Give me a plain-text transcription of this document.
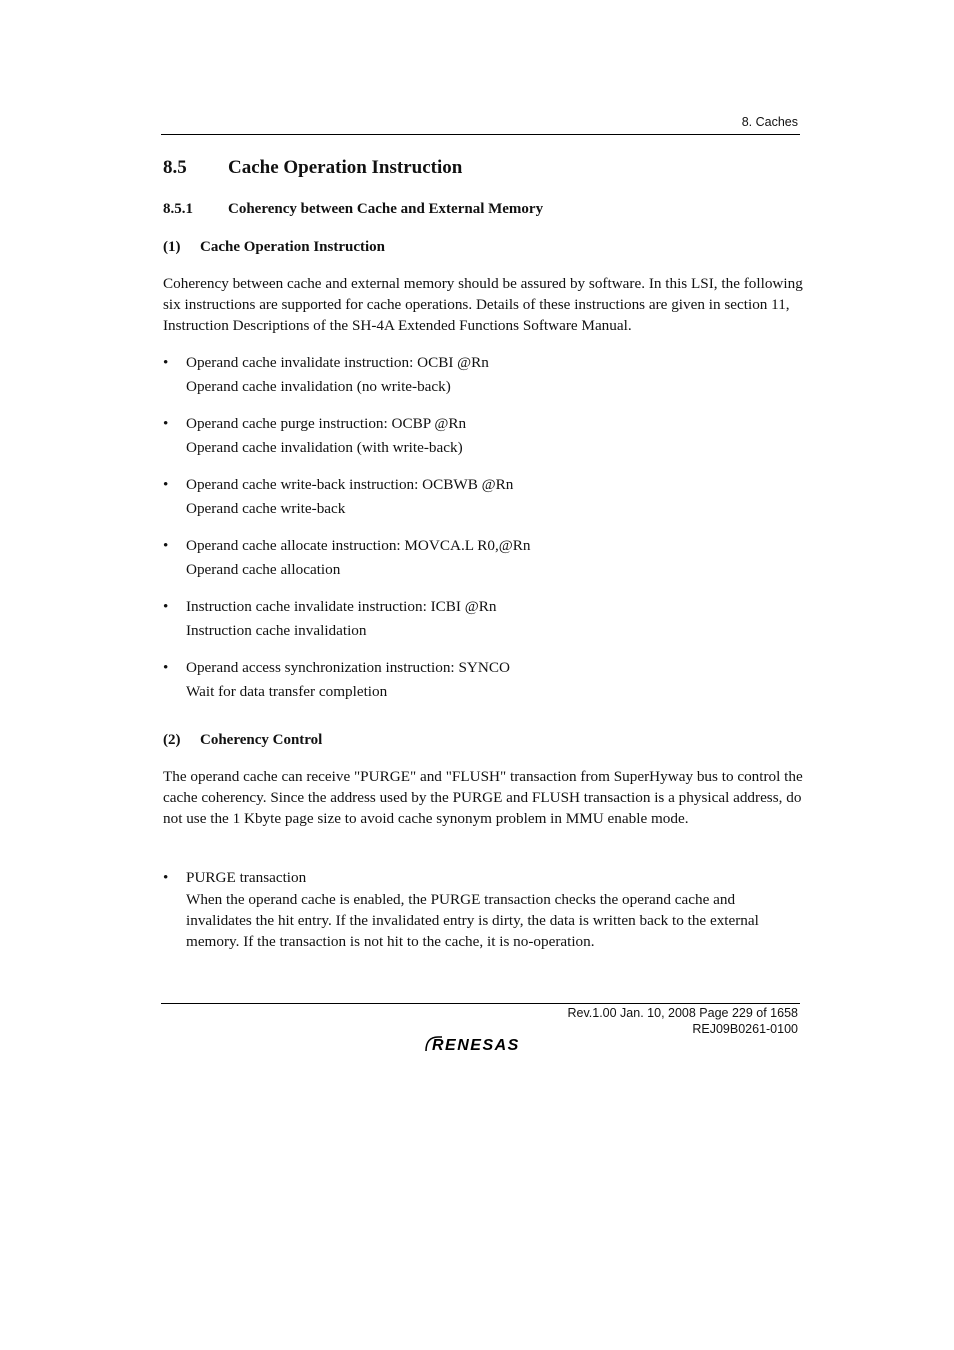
8. Caches
8.5 Cache Operation Instruction
8.5.1 Coherency between Cache and External Memory
(1) Cache Operation Instruction

Coherency between cache and external memory should be assured by software. In this LSI, the following six instructions are supported for cache operations. Details of these instructions are given in section 11, Instruction Descriptions of the SH-4A Extended Functions Software Manual.

• Operand cache invalidate instruction: OCBI @Rn
Operand cache invalidation (no write-back)
• Operand cache purge instruction: OCBP @Rn
Operand cache invalidation (with write-back)
• Operand cache write-back instruction: OCBWB @Rn
Operand cache write-back
• Operand cache allocate instruction: MOVCA.L R0,@Rn
Operand cache allocation
• Instruction cache invalidate instruction: ICBI @Rn
Instruction cache invalidation
• Operand access synchronization instruction: SYNCO
Wait for data transfer completion
(2) Coherency Control

The operand cache can receive "PURGE" and "FLUSH" transaction from SuperHyway bus to control the cache coherency. Since the address used by the PURGE and FLUSH transaction is a physical address, do not use the 1 Kbyte page size to avoid cache synonym problem in MMU enable mode.

• PURGE transaction
When the operand cache is enabled, the PURGE transaction checks the operand cache and invalidates the hit entry. If the invalidated entry is dirty, the data is written back to the external memory. If the transaction is not hit to the cache, it is no-operation.
Rev.1.00 Jan. 10, 2008 Page 229 of 1658
REJ09B0261-0100
RENESAS
